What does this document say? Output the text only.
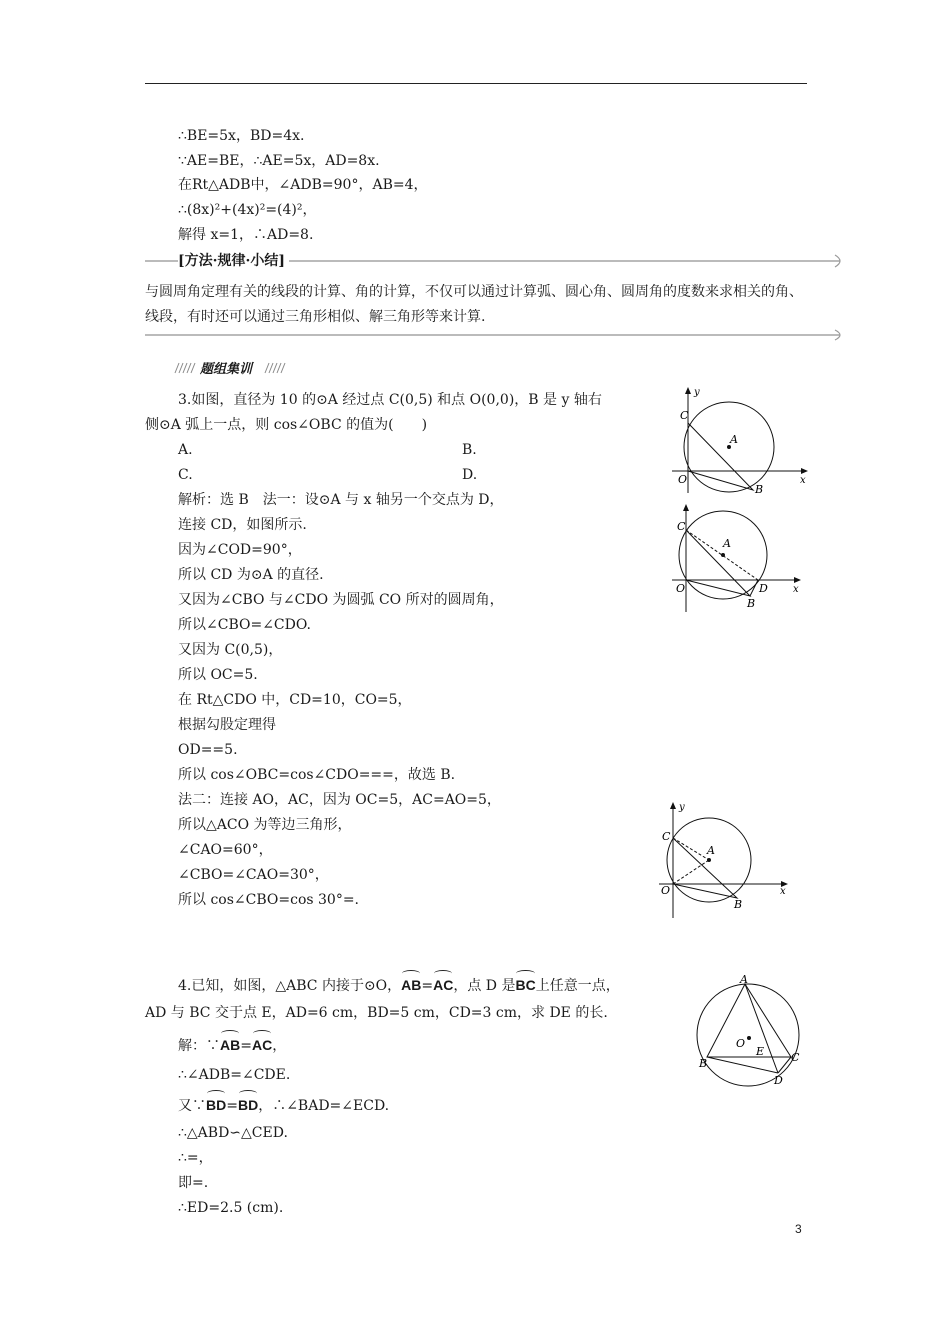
∴BE=5x，BD=4x.
∵AE=BE，∴AE=5x，AD=8x.
在Rt△ADB中，∠ADB=90°，AB=4，
∴(8x)²+(4x)²=(4)²，
解得 x=1，∴AD=8.
[方法·规律·小结]
与圆周角定理有关的线段的计算、角的计算，不仅可以通过计算弧、圆心角、圆周角的度数来求相关的角、线段，有时还可以通过三角形相似、解三角形等来计算.
题组集训
3.如图，直径为 10 的⊙A 经过点 C(0,5) 和点 O(0,0)，B 是 y 轴右
侧⊙A 弧上一点，则 cos∠OBC 的值为(　　)
A.	B.
C.	D.
解析：选 B　法一：设⊙A 与 x 轴另一个交点为 D，
连接 CD，如图所示.
因为∠COD=90°，
所以 CD 为⊙A 的直径.
又因为∠CBO 与∠CDO 为圆弧 CO 所对的圆周角，
所以∠CBO=∠CDO.
又因为 C(0,5)，
所以 OC=5.
在 Rt△CDO 中，CD=10，CO=5，
根据勾股定理得
OD==5.
所以 cos∠OBC=cos∠CDO===，故选 B.
法二：连接 AO，AC，因为 OC=5，AC=AO=5，
所以△ACO 为等边三角形，
∠CAO=60°，
∠CBO=∠CAO=30°，
所以 cos∠CBO=cos 30°=.
C
A
O
B
x
y
C
A
O	D
B
x
C
A
O
B
x
y
4.已知，如图，△ABC 内接于⊙O，AB=AC，点 D 是BC上任意一点，
AD 与 BC 交于点 E，AD=6 cm，BD=5 cm，CD=3 cm，求 DE 的长.
解：∵AB=AC，
∴∠ADB=∠CDE.
又∵BD=BD，∴∠BAD=∠ECD.
∴△ABD∽△CED.
∴=，
即=.
∴ED=2.5 (cm).
A
O
E
B	C
D
3
